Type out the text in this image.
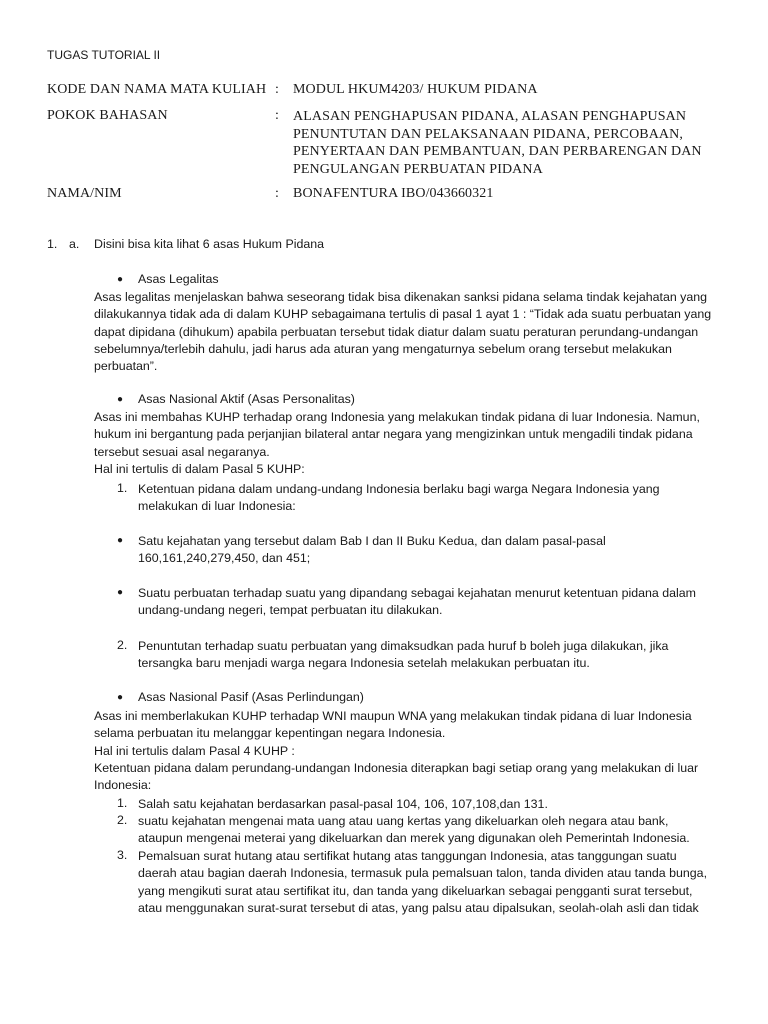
TUGAS TUTORIAL II
KODE DAN NAMA MATA KULIAH : MODUL HKUM4203/ HUKUM PIDANA
POKOK BAHASAN	: ALASAN PENGHAPUSAN PIDANA, ALASAN PENGHAPUSAN
PENUNTUTAN DAN PELAKSANAAN PIDANA, PERCOBAAN,
PENYERTAAN DAN PEMBANTUAN, DAN PERBARENGAN DAN
PENGULANGAN PERBUATAN PIDANA
NAMA/NIM	: BONAFENTURA IBO/043660321
1. a. Disini bisa kita lihat 6 asas Hukum Pidana
● Asas Legalitas
Asas legalitas menjelaskan bahwa seseorang tidak bisa dikenakan sanksi pidana selama tindak kejahatan yang
dilakukannya tidak ada di dalam KUHP sebagaimana tertulis di pasal 1 ayat 1 : “Tidak ada suatu perbuatan yang
dapat dipidana (dihukum) apabila perbuatan tersebut tidak diatur dalam suatu peraturan perundang-undangan
sebelumnya/terlebih dahulu, jadi harus ada aturan yang mengaturnya sebelum orang tersebut melakukan
perbuatan”.
● Asas Nasional Aktif (Asas Personalitas)
Asas ini membahas KUHP terhadap orang Indonesia yang melakukan tindak pidana di luar Indonesia. Namun,
hukum ini bergantung pada perjanjian bilateral antar negara yang mengizinkan untuk mengadili tindak pidana
tersebut sesuai asal negaranya.
Hal ini tertulis di dalam Pasal 5 KUHP:
1. Ketentuan pidana dalam undang-undang Indonesia berlaku bagi warga Negara Indonesia yang
melakukan di luar Indonesia:
● Satu kejahatan yang tersebut dalam Bab I dan II Buku Kedua, dan dalam pasal-pasal
160,161,240,279,450, dan 451;
● Suatu perbuatan terhadap suatu yang dipandang sebagai kejahatan menurut ketentuan pidana dalam
undang-undang negeri, tempat perbuatan itu dilakukan.
2. Penuntutan terhadap suatu perbuatan yang dimaksudkan pada huruf b boleh juga dilakukan, jika
tersangka baru menjadi warga negara Indonesia setelah melakukan perbuatan itu.
● Asas Nasional Pasif (Asas Perlindungan)
Asas ini memberlakukan KUHP terhadap WNI maupun WNA yang melakukan tindak pidana di luar Indonesia
selama perbuatan itu melanggar kepentingan negara Indonesia.
Hal ini tertulis dalam Pasal 4 KUHP :
Ketentuan pidana dalam perundang-undangan Indonesia diterapkan bagi setiap orang yang melakukan di luar
Indonesia:
1. Salah satu kejahatan berdasarkan pasal-pasal 104, 106, 107,108,dan 131.
2. suatu kejahatan mengenai mata uang atau uang kertas yang dikeluarkan oleh negara atau bank,
ataupun mengenai meterai yang dikeluarkan dan merek yang digunakan oleh Pemerintah Indonesia.
3. Pemalsuan surat hutang atau sertifikat hutang atas tanggungan Indonesia, atas tanggungan suatu
daerah atau bagian daerah Indonesia, termasuk pula pemalsuan talon, tanda dividen atau tanda bunga,
yang mengikuti surat atau sertifikat itu, dan tanda yang dikeluarkan sebagai pengganti surat tersebut,
atau menggunakan surat-surat tersebut di atas, yang palsu atau dipalsukan, seolah-olah asli dan tidak
